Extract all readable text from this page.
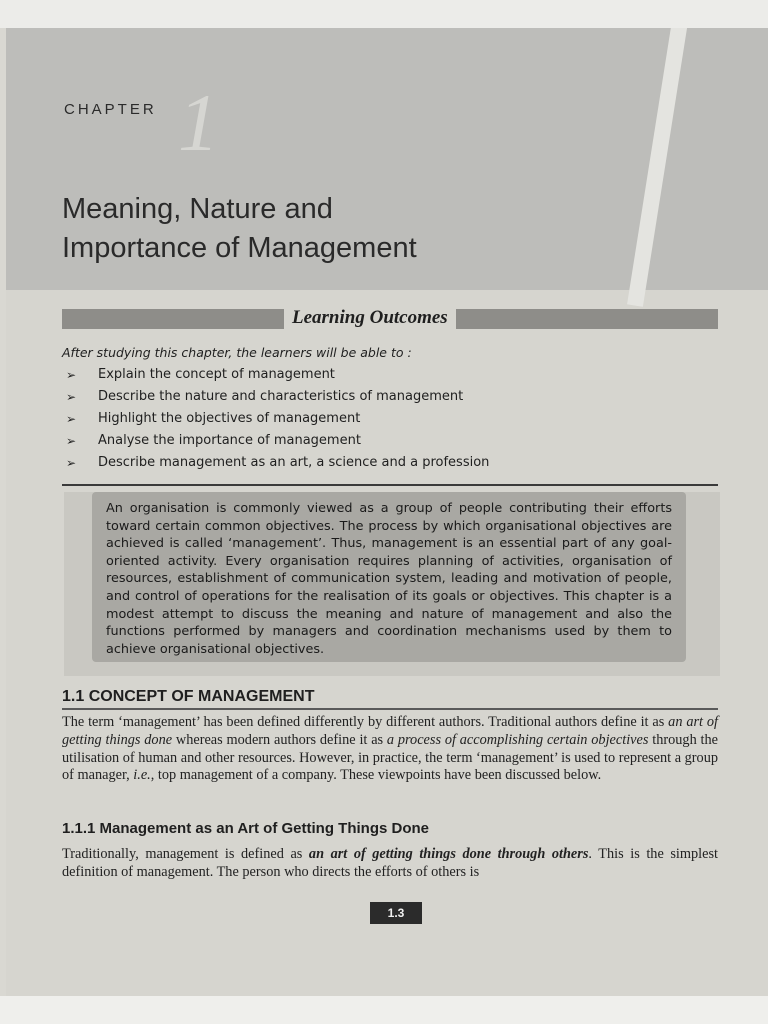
CHAPTER 1
Meaning, Nature and
Importance of Management
Learning Outcomes
After studying this chapter, the learners will be able to :
➢	Explain the concept of management
➢	Describe the nature and characteristics of management
➢	Highlight the objectives of management
➢	Analyse the importance of management
➢	Describe management as an art, a science and a profession
An organisation is commonly viewed as a group of people contributing their efforts toward certain common objectives. The process by which organisational objectives are achieved is called ‘management’. Thus, management is an essential part of any goal-oriented activity. Every organisation requires planning of activities, organisation of resources, establishment of communication system, leading and motivation of people, and control of operations for the realisation of its goals or objectives. This chapter is a modest attempt to discuss the meaning and nature of management and also the functions performed by managers and coordination mechanisms used by them to achieve organisational objectives.
1.1 CONCEPT OF MANAGEMENT

The term ‘management’ has been defined differently by different authors. Traditional authors define it as an art of getting things done whereas modern authors define it as a process of accomplishing certain objectives through the utilisation of human and other resources. However, in practice, the term ‘management’ is used to represent a group of manager, i.e., top management of a company. These viewpoints have been discussed below.

1.1.1 Management as an Art of Getting Things Done

Traditionally, management is defined as an art of getting things done through others. This is the simplest definition of management. The person who directs the efforts of others is

1.3
